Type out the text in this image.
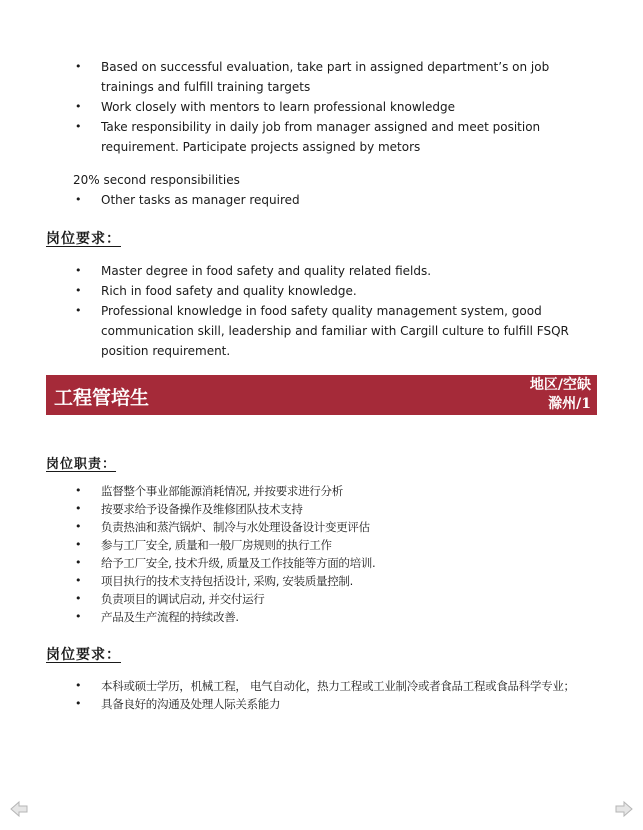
• Based on successful evaluation, take part in assigned department’s on job trainings and fulfill training targets
• Work closely with mentors to learn professional knowledge
• Take responsibility in daily job from manager assigned and meet position requirement. Participate projects assigned by metors
20% second responsibilities
• Other tasks as manager required
岗位要求：
• Master degree in food safety and quality related fields.
• Rich in food safety and quality knowledge.
• Professional knowledge in food safety quality management system, good communication skill, leadership and familiar with Cargill culture to fulfill FSQR position requirement.
工程管培生
地区/空缺
滁州/1
岗位职责：
•	监督整个事业部能源消耗情况, 并按要求进行分析
•	按要求给予设备操作及维修团队技术支持
•	负责热油和蒸汽锅炉、制冷与水处理设备设计变更评估
•	参与工厂安全, 质量和一般厂房规则的执行工作
•	给予工厂安全, 技术升级, 质量及工作技能等方面的培训.
•	项目执行的技术支持包括设计, 采购, 安装质量控制.
•	负责项目的调试启动, 并交付运行
•	产品及生产流程的持续改善.
岗位要求：
•	本科或硕士学历，机械工程， 电气自动化，热力工程或工业制冷或者食品工程或食品科学专业；
•	具备良好的沟通及处理人际关系能力
